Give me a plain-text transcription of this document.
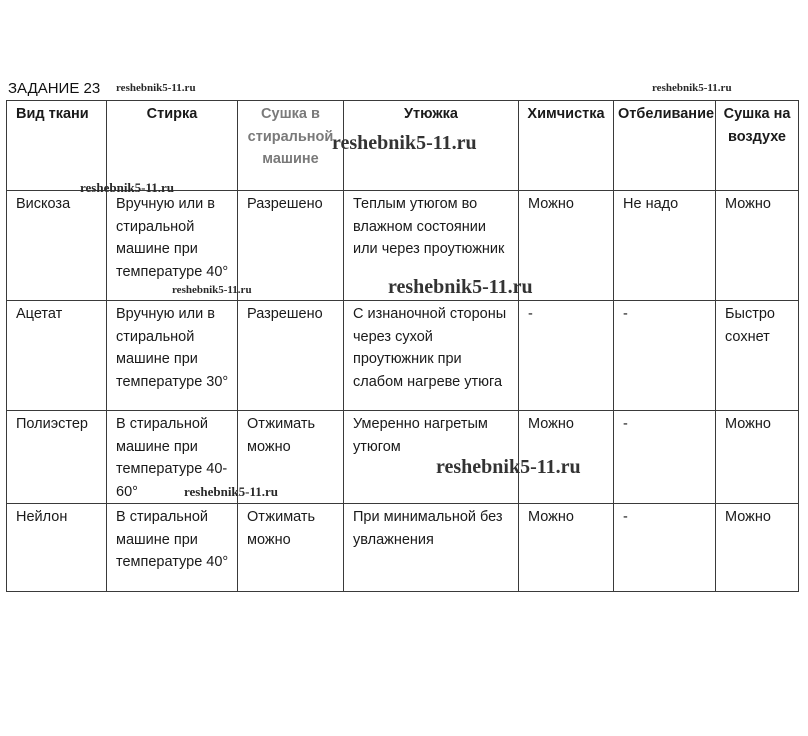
ЗАДАНИЕ 23
Вид ткани	Стирка	Сушка в стиральной машине	Утюжка	Химчистка	Отбеливание	Сушка на воздухе
Вискоза	Вручную или в стиральной машине при температуре 40°	Разрешено	Теплым утюгом во влажном состоянии или через проутюжник	Можно	Не надо	Можно
Ацетат	Вручную или в стиральной машине при температуре 30°	Разрешено	С изнаночной стороны через сухой проутюжник при слабом нагреве утюга	-	-	Быстро сохнет
Полиэстер	В стиральной машине при температуре 40-60°	Отжимать можно	Умеренно нагретым утюгом	Можно	-	Можно
Нейлон	В стиральной машине при температуре 40°	Отжимать можно	При минимальной без увлажнения	Можно	-	Можно
reshebnik5-11.ru	reshebnik5-11.ru
reshebnik5-11.ru
reshebnik5-11.ru
reshebnik5-11.ru	reshebnik5-11.ru
reshebnik5-11.ru
reshebnik5-11.ru
